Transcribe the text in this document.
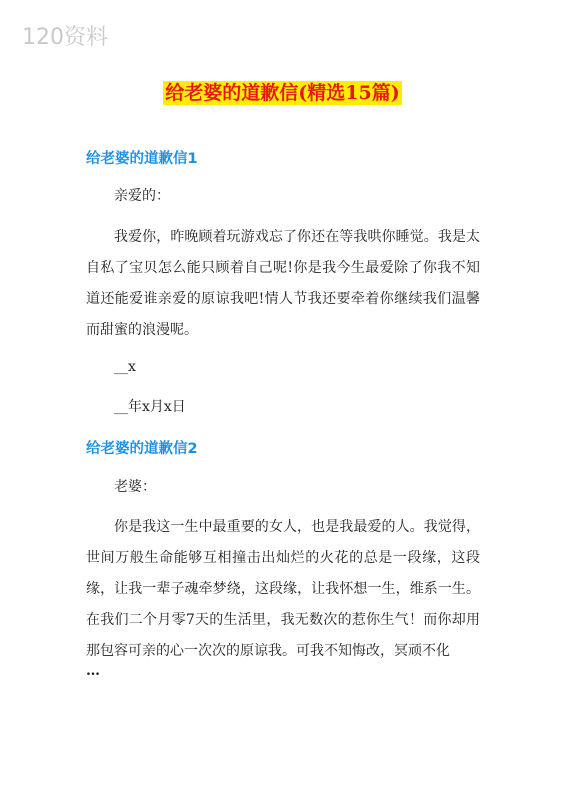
120资料
给老婆的道歉信(精选15篇)
给老婆的道歉信1
亲爱的：

我爱你，昨晚顾着玩游戏忘了你还在等我哄你睡觉。我是太自私了宝贝怎么能只顾着自己呢!你是我今生最爱除了你我不知道还能爱谁亲爱的原谅我吧!情人节我还要牵着你继续我们温馨而甜蜜的浪漫呢。

__x
__年x月x日
给老婆的道歉信2
老婆：

你是我这一生中最重要的女人，也是我最爱的人。我觉得，世间万般生命能够互相撞击出灿烂的火花的总是一段缘，这段缘，让我一辈子魂牵梦绕，这段缘，让我怀想一生，维系一生。在我们二个月零7天的生活里，我无数次的惹你生气！而你却用那包容可亲的心一次次的原谅我。可我不知悔改，冥顽不化

…
